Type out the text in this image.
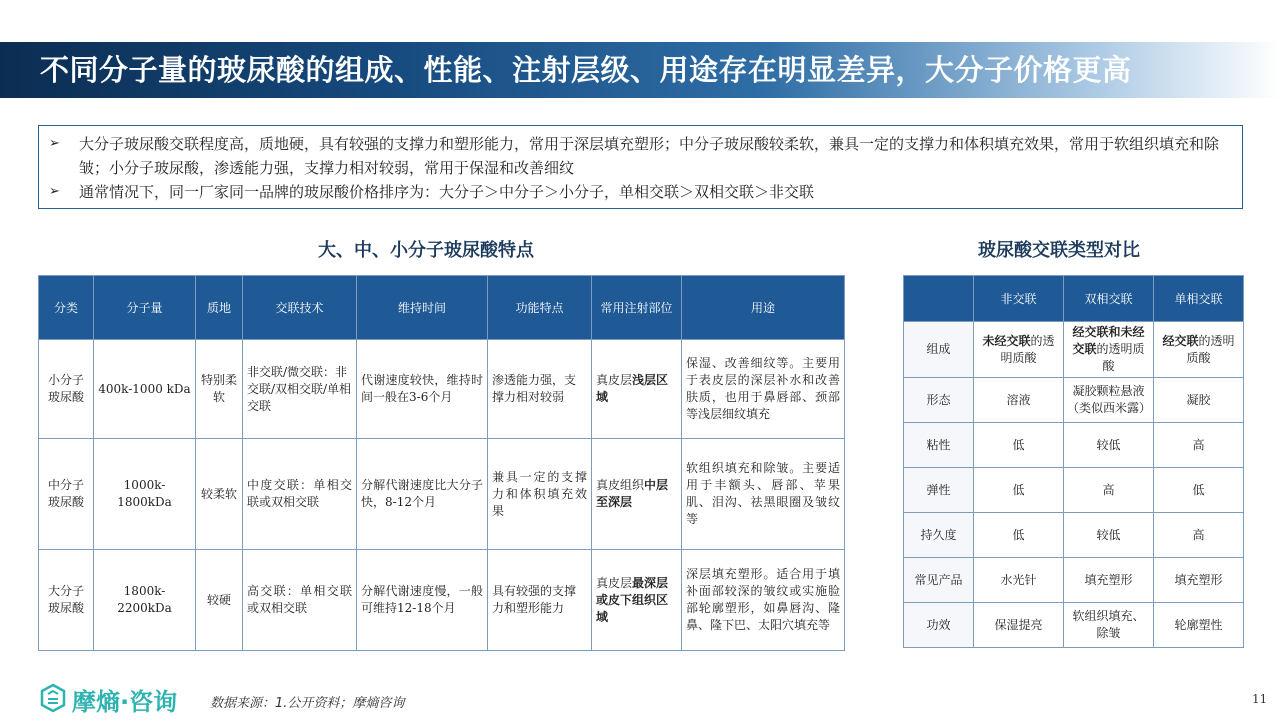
不同分子量的玻尿酸的组成、性能、注射层级、用途存在明显差异，大分子价格更高
➢	大分子玻尿酸交联程度高，质地硬，具有较强的支撑力和塑形能力，常用于深层填充塑形；中分子玻尿酸较柔软，兼具一定的支撑力和体积填充效果，常用于软组织填充和除皱；小分子玻尿酸，渗透能力强，支撑力相对较弱，常用于保湿和改善细纹
➢	通常情况下，同一厂家同一品牌的玻尿酸价格排序为：大分子＞中分子＞小分子，单相交联＞双相交联＞非交联
大、中、小分子玻尿酸特点	玻尿酸交联类型对比
分类	分子量	质地	交联技术	维持时间	功能特点	常用注射部位	用途
小分子玻尿酸	400k-1000 kDa	特别柔软	非交联/微交联：非交联/双相交联/单相交联	代谢速度较快，维持时间一般在3-6个月	渗透能力强，支撑力相对较弱	真皮层浅层区域	保湿、改善细纹等。主要用于表皮层的深层补水和改善肤质，也用于鼻唇部、颈部等浅层细纹填充
中分子玻尿酸	1000k-1800kDa	较柔软	中度交联：单相交联或双相交联	分解代谢速度比大分子快，8-12个月	兼具一定的支撑力和体积填充效果	真皮组织中层至深层	软组织填充和除皱。主要适用于丰额头、唇部、苹果肌、泪沟、祛黑眼圈及皱纹等
大分子玻尿酸	1800k-2200kDa	较硬	高交联：单相交联或双相交联	分解代谢速度慢，一般可维持12-18个月	具有较强的支撑力和塑形能力	真皮层最深层或皮下组织区域	深层填充塑形。适合用于填补面部较深的皱纹或实施脸部轮廓塑形，如鼻唇沟、隆鼻、隆下巴、太阳穴填充等
	非交联	双相交联	单相交联
组成	未经交联的透明质酸	经交联和未经交联的透明质酸	经交联的透明质酸
形态	溶液	凝胶颗粒悬液（类似西米露）	凝胶
粘性	低	较低	高
弹性	低	高	低
持久度	低	较低	高
常见产品	水光针	填充塑形	填充塑形
功效	保湿提亮	软组织填充、除皱	轮廓塑性
摩熵·咨询	数据来源：1.公开资料；摩熵咨询	11
